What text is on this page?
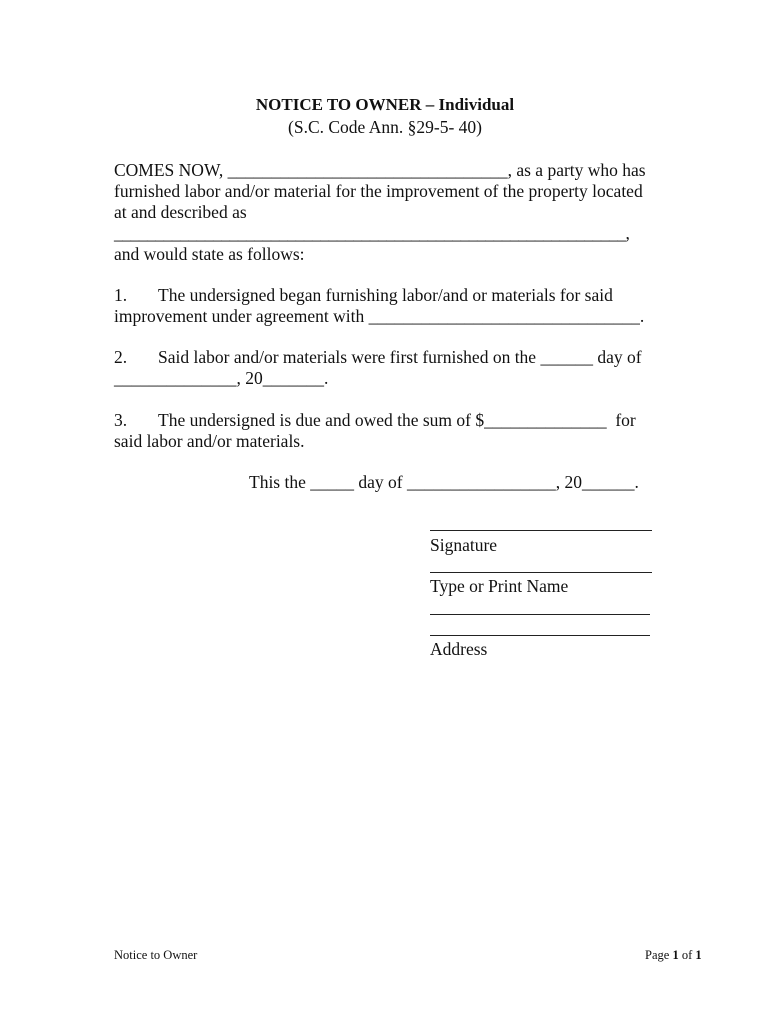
NOTICE TO OWNER – Individual
(S.C. Code Ann. §29-5- 40)
COMES NOW, ________________________________, as a party who has
furnished labor and/or material for the improvement of the property located
at and described as
______________________________________________________________,
and would state as follows:
1. The undersigned began furnishing labor/and or materials for said
improvement under agreement with _______________________________.
2. Said labor and/or materials were first furnished on the ______ day of
______________, 20_______.
3. The undersigned is due and owed the sum of $______________  for
said labor and/or materials.
This the _____ day of _________________, 20______.
Signature
Type or Print Name
Address
Notice to Owner	Page 1 of 1
